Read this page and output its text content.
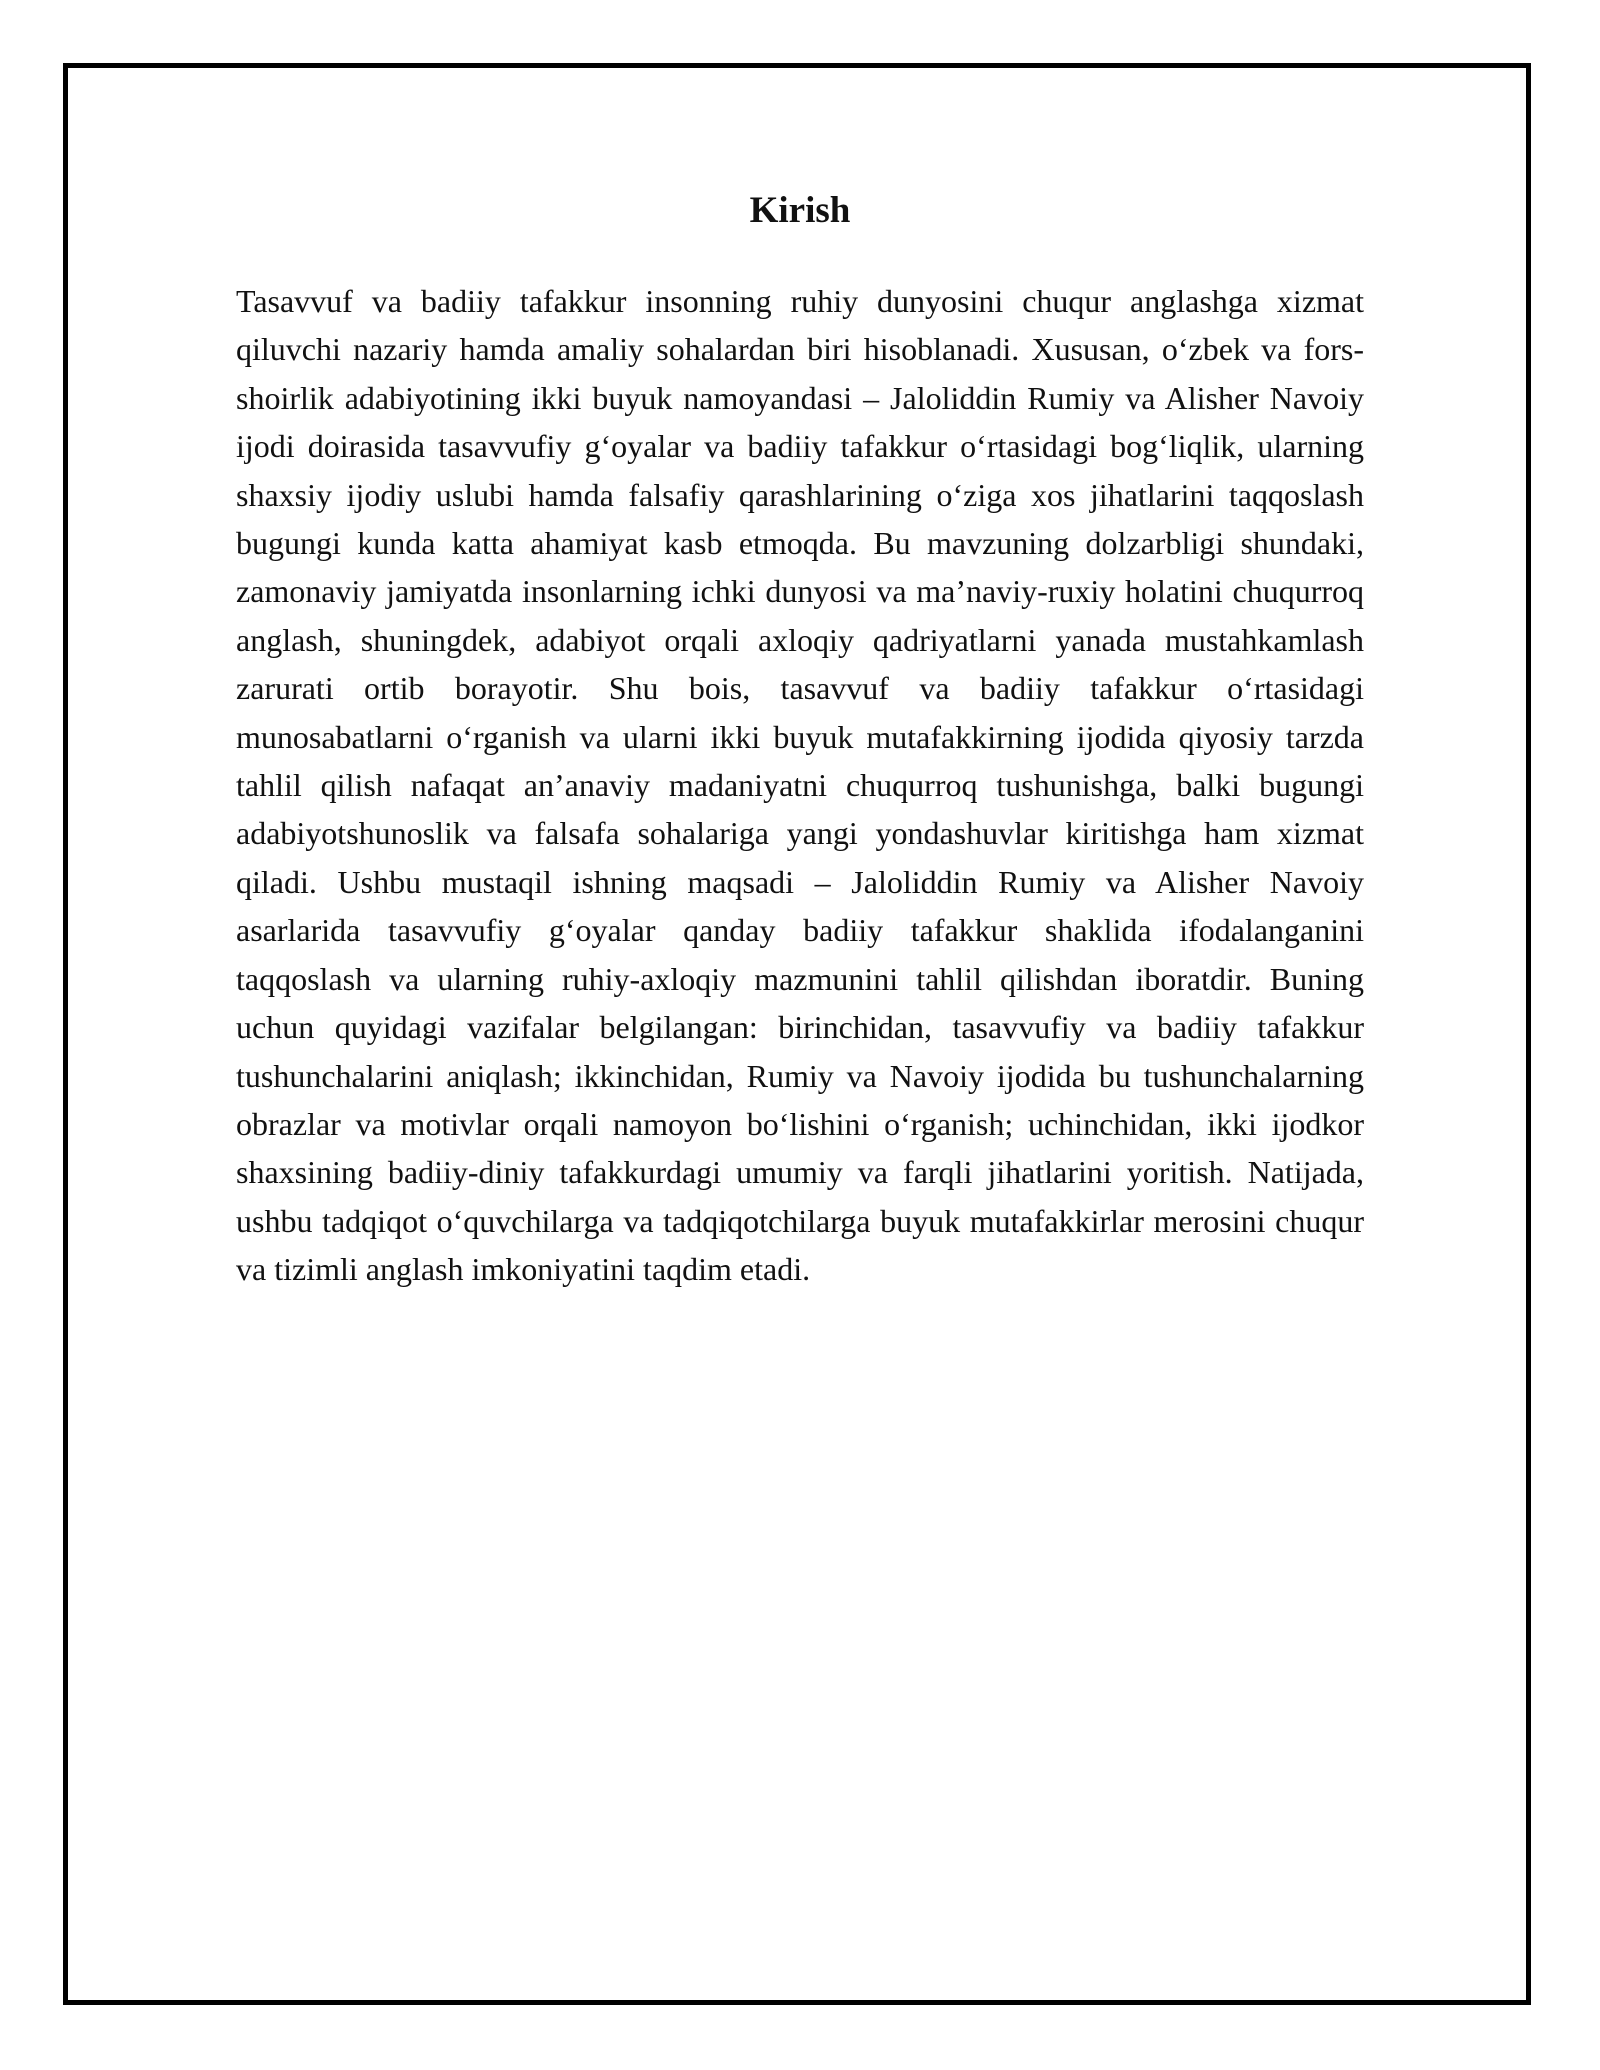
Kirish

Tasavvuf va badiiy tafakkur insonning ruhiy dunyosini chuqur anglashga xizmat qiluvchi nazariy hamda amaliy sohalardan biri hisoblanadi. Xususan, o‘zbek va fors-shoirlik adabiyotining ikki buyuk namoyandasi – Jaloliddin Rumiy va Alisher Navoiy ijodi doirasida tasavvufiy g‘oyalar va badiiy tafakkur o‘rtasidagi bog‘liqlik, ularning shaxsiy ijodiy uslubi hamda falsafiy qarashlarining o‘ziga xos jihatlarini taqqoslash bugungi kunda katta ahamiyat kasb etmoqda. Bu mavzuning dolzarbligi shundaki, zamonaviy jamiyatda insonlarning ichki dunyosi va ma’naviy-ruxiy holatini chuqurroq anglash, shuningdek, adabiyot orqali axloqiy qadriyatlarni yanada mustahkamlash zarurati ortib borayotir. Shu bois, tasavvuf va badiiy tafakkur o‘rtasidagi munosabatlarni o‘rganish va ularni ikki buyuk mutafakkirning ijodida qiyosiy tarzda tahlil qilish nafaqat an’anaviy madaniyatni chuqurroq tushunishga, balki bugungi adabiyotshunoslik va falsafa sohalariga yangi yondashuvlar kiritishga ham xizmat qiladi. Ushbu mustaqil ishning maqsadi – Jaloliddin Rumiy va Alisher Navoiy asarlarida tasavvufiy g‘oyalar qanday badiiy tafakkur shaklida ifodalanganini taqqoslash va ularning ruhiy-axloqiy mazmunini tahlil qilishdan iboratdir. Buning uchun quyidagi vazifalar belgilangan: birinchidan, tasavvufiy va badiiy tafakkur tushunchalarini aniqlash; ikkinchidan, Rumiy va Navoiy ijodida bu tushunchalarning obrazlar va motivlar orqali namoyon bo‘lishini o‘rganish; uchinchidan, ikki ijodkor shaxsining badiiy-diniy tafakkurdagi umumiy va farqli jihatlarini yoritish. Natijada, ushbu tadqiqot o‘quvchilarga va tadqiqotchilarga buyuk mutafakkirlar merosini chuqur va tizimli anglash imkoniyatini taqdim etadi.
